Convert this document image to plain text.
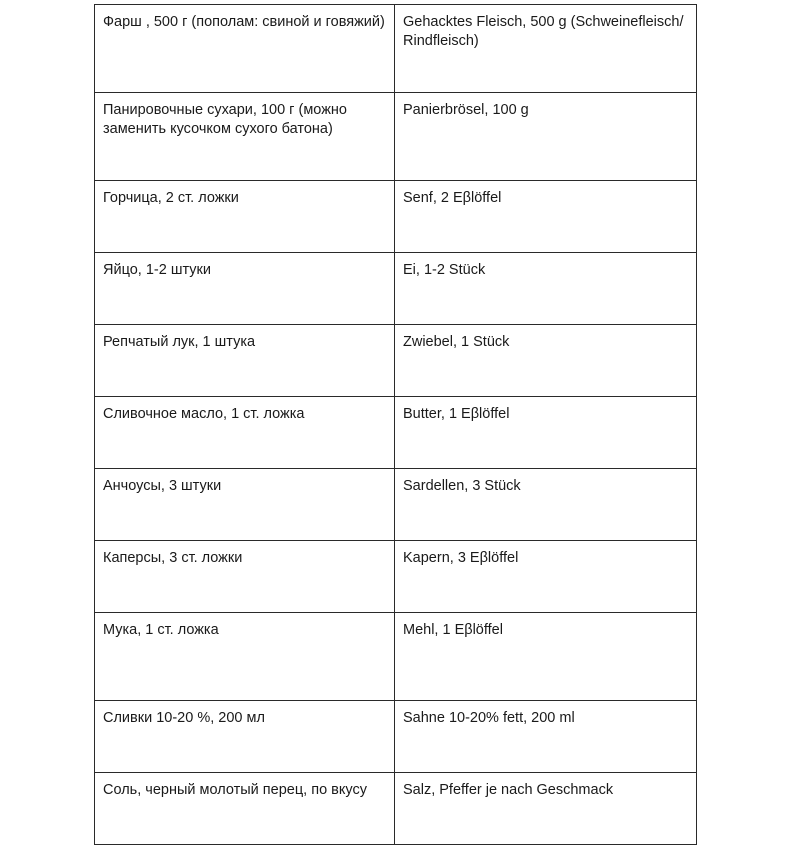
Фарш , 500 г (пополам: свиной и говяжий)	Gehacktes Fleisch, 500 g (Schweinefleisch/ Rindfleisch)

Панировочные сухари, 100 г (можно заменить кусочком сухого батона)	Panierbrösel, 100 g

Горчица, 2 ст. ложки	Senf, 2 Eβlöffel

Яйцо, 1-2 штуки	Ei, 1-2 Stück

Репчатый лук, 1 штука	Zwiebel, 1 Stück

Сливочное масло, 1 ст. ложка	Butter, 1 Eβlöffel

Анчоусы, 3 штуки	Sardellen, 3 Stück

Каперсы, 3 ст. ложки	Kapern, 3 Eβlöffel

Мука, 1 ст. ложка	Mehl, 1 Eβlöffel

Сливки 10-20 %, 200 мл	Sahne 10-20% fett, 200 ml

Соль, черный молотый перец, по вкусу	Salz, Pfeffer je nach Geschmack
